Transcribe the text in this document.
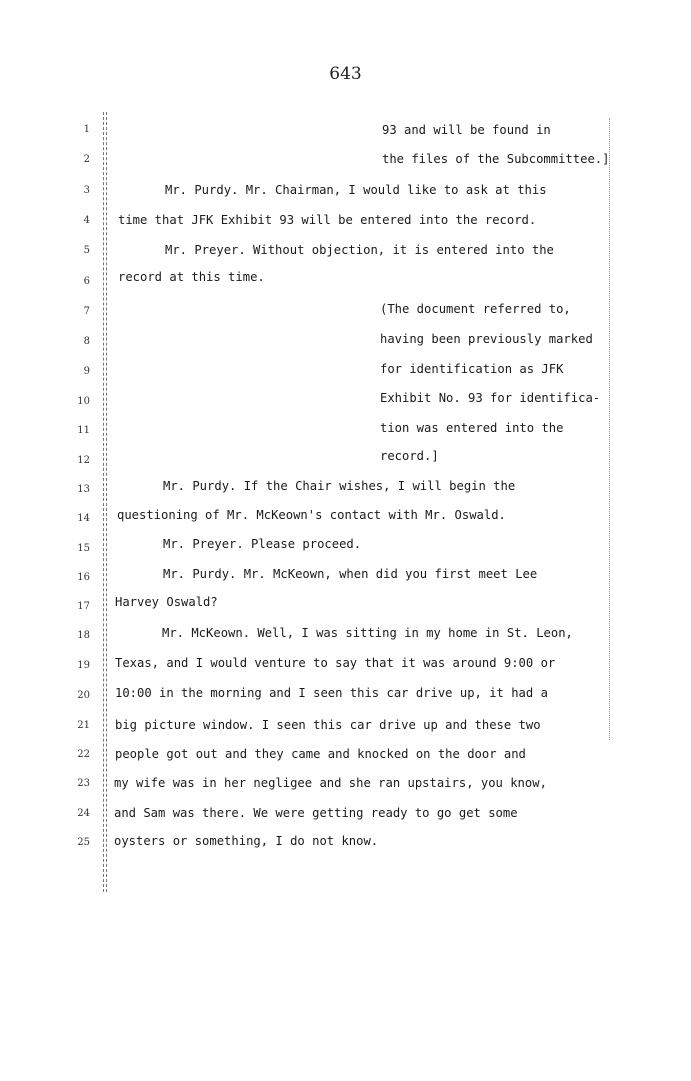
643
1
2
3
4
5
6
7
8
9
10
11
12
13
14
15
16
17
18
19
20
21
22
23
24
25
93 and will be found in
the files of the Subcommittee.]
Mr. Purdy. Mr. Chairman, I would like to ask at this
time that JFK Exhibit 93 will be entered into the record.
Mr. Preyer. Without objection, it is entered into the
record at this time.
(The document referred to,
having been previously marked
for identification as JFK
Exhibit No. 93 for identifica-
tion was entered into the
record.]
Mr. Purdy. If the Chair wishes, I will begin the
questioning of Mr. McKeown's contact with Mr. Oswald.
Mr. Preyer. Please proceed.
Mr. Purdy. Mr. McKeown, when did you first meet Lee
Harvey Oswald?
Mr. McKeown. Well, I was sitting in my home in St. Leon,
Texas, and I would venture to say that it was around 9:00 or
10:00 in the morning and I seen this car drive up, it had a
big picture window. I seen this car drive up and these two
people got out and they came and knocked on the door and
my wife was in her negligee and she ran upstairs, you know,
and Sam was there. We were getting ready to go get some
oysters or something, I do not know.
